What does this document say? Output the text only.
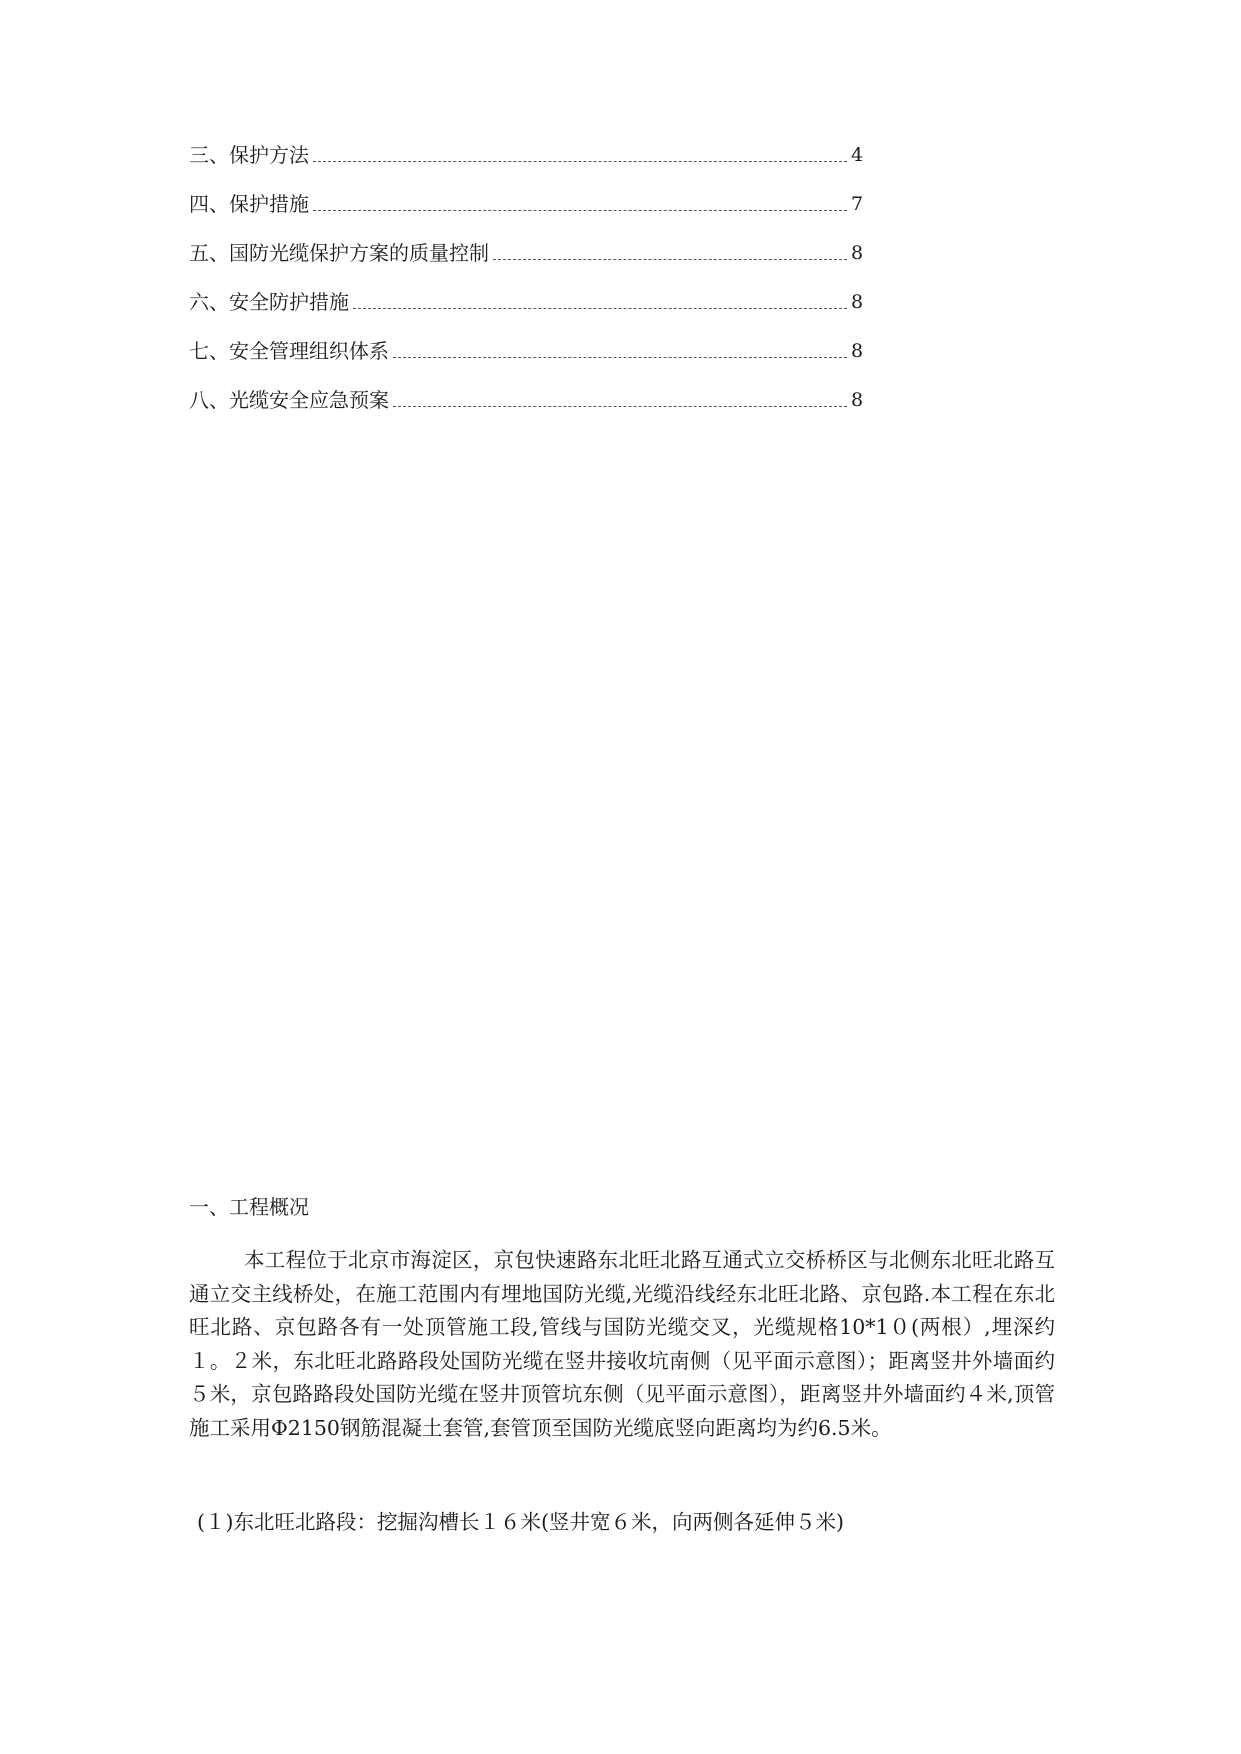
三、保护方法	4
四、保护措施	7
五、国防光缆保护方案的质量控制	8
六、安全防护措施	8
七、安全管理组织体系	8
八、光缆安全应急预案	8
一、工程概况

本工程位于北京市海淀区，京包快速路东北旺北路互通式立交桥桥区与北侧东北旺北路互通立交主线桥处，在施工范围内有埋地国防光缆,光缆沿线经东北旺北路、京包路.本工程在东北旺北路、京包路各有一处顶管施工段,管线与国防光缆交叉，光缆规格10*1０(两根）,埋深约１。２米，东北旺北路路段处国防光缆在竖井接收坑南侧（见平面示意图）；距离竖井外墙面约５米，京包路路段处国防光缆在竖井顶管坑东侧（见平面示意图），距离竖井外墙面约４米,顶管施工采用Φ2150钢筋混凝土套管,套管顶至国防光缆底竖向距离均为约6.5米。

(１)东北旺北路段：挖掘沟槽长１６米(竖井宽６米，向两侧各延伸５米)
